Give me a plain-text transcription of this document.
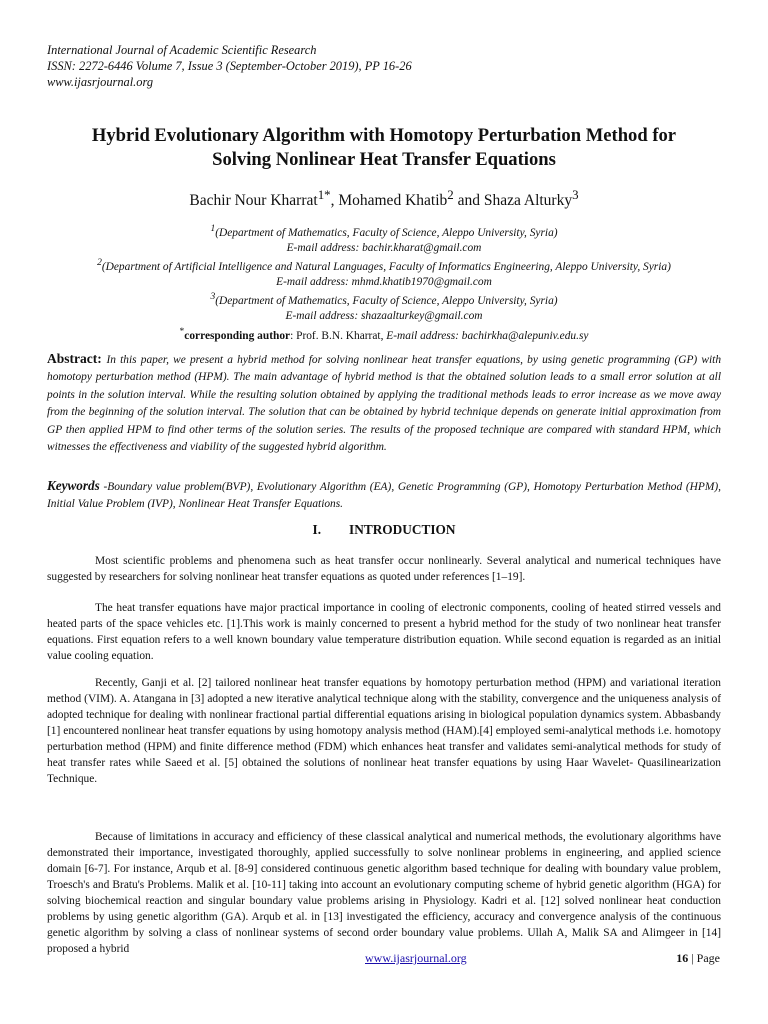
International Journal of Academic Scientific Research
ISSN: 2272-6446 Volume 7, Issue 3 (September-October 2019), PP 16-26
www.ijasrjournal.org
Hybrid Evolutionary Algorithm with Homotopy Perturbation Method for
Solving Nonlinear Heat Transfer Equations
Bachir Nour Kharrat$^{1*}$, Mohamed Khatib$^2$ and Shaza Alturky$^3$
$^1$(Department of Mathematics, Faculty of Science, Aleppo University, Syria)
E-mail address: bachir.kharat@gmail.com
$^2$(Department of Artificial Intelligence and Natural Languages, Faculty of Informatics Engineering, Aleppo University, Syria)
E-mail address: mhmd.khatib1970@gmail.com
$^3$(Department of Mathematics, Faculty of Science, Aleppo University, Syria)
E-mail address: shazaalturkey@gmail.com
*corresponding author: Prof. B.N. Kharrat, E-mail address: bachirkha@alepuniv.edu.sy
Abstract: In this paper, we present a hybrid method for solving nonlinear heat transfer equations, by using genetic programming (GP) with homotopy perturbation method (HPM). The main advantage of hybrid method is that the obtained solution leads to a small error solution at all points in the solution interval. While the resulting solution obtained by applying the traditional methods leads to error increase as we move away from the beginning of the solution interval. The solution that can be obtained by hybrid technique depends on generate initial approximation from GP then applied HPM to find other terms of the solution series. The results of the proposed technique are compared with standard HPM, which witnesses the effectiveness and viability of the suggested hybrid algorithm.
Keywords -Boundary value problem(BVP), Evolutionary Algorithm (EA), Genetic Programming (GP), Homotopy Perturbation Method (HPM), Initial Value Problem (IVP), Nonlinear Heat Transfer Equations.
I. INTRODUCTION

Most scientific problems and phenomena such as heat transfer occur nonlinearly. Several analytical and numerical techniques have suggested by researchers for solving nonlinear heat transfer equations as quoted under references [1–19].

The heat transfer equations have major practical importance in cooling of electronic components, cooling of heated stirred vessels and heated parts of the space vehicles etc. [1].This work is mainly concerned to present a hybrid method for the study of two nonlinear heat transfer equations. First equation refers to a well known boundary value temperature distribution equation. While second equation is regarded as an initial value cooling equation.

Recently, Ganji et al. [2] tailored nonlinear heat transfer equations by homotopy perturbation method (HPM) and variational iteration method (VIM). A. Atangana in [3] adopted a new iterative analytical technique along with the stability, convergence and the uniqueness analysis of adopted technique for dealing with nonlinear fractional partial differential equations arising in biological population dynamics system. Abbasbandy [1] encountered nonlinear heat transfer equations by using homotopy analysis method (HAM).[4] employed semi-analytical methods i.e. homotopy perturbation method (HPM) and finite difference method (FDM) which enhances heat transfer and validates semi-analytical methods for study of heat transfer rates while Saeed et al. [5] obtained the solutions of nonlinear heat transfer equations by using Haar Wavelet- Quasilinearization Technique.

Because of limitations in accuracy and efficiency of these classical analytical and numerical methods, the evolutionary algorithms have demonstrated their importance, investigated thoroughly, applied successfully to solve nonlinear problems in engineering, and applied science domain [6-7]. For instance, Arqub et al. [8-9] considered continuous genetic algorithm based technique for dealing with boundary value problem, Troesch's and Bratu's Problems. Malik et al. [10-11] taking into account an evolutionary computing scheme of hybrid genetic algorithm (HGA) for solving biochemical reaction and singular boundary value problems arising in Physiology. Kadri et al. [12] solved nonlinear heat conduction problems by using genetic algorithm (GA). Arqub et al. in [13] investigated the efficiency, accuracy and convergence analysis of the continuous genetic algorithm by solving a class of nonlinear systems of second order boundary value problems. Ullah A, Malik SA and Alimgeer in [14] proposed a hybrid

www.ijasrjournal.org	16 | Page
